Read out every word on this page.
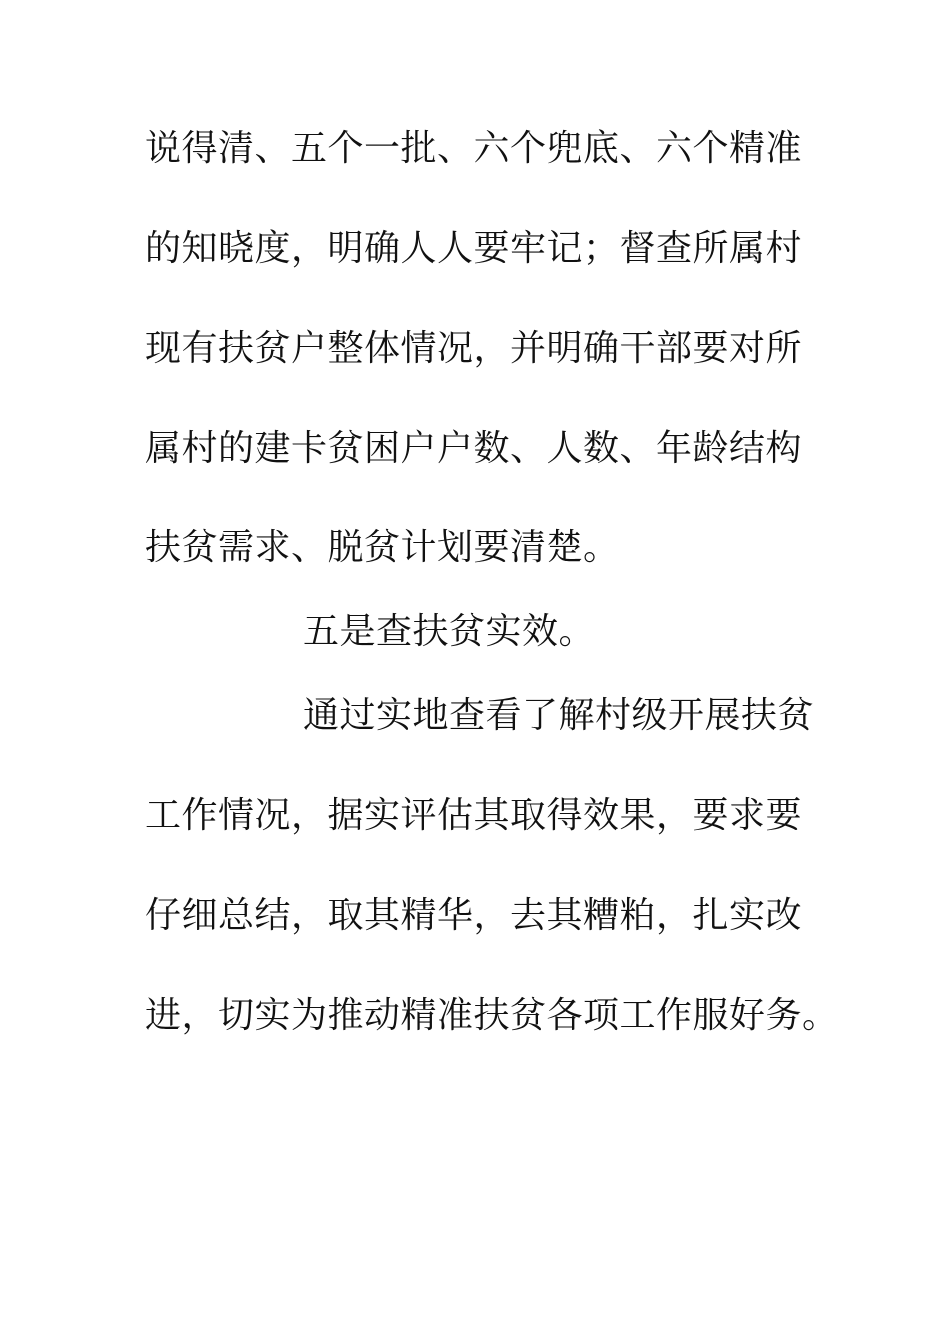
说得清、五个一批、六个兜底、六个精准
的知晓度，明确人人要牢记；督查所属村
现有扶贫户整体情况，并明确干部要对所
属村的建卡贫困户户数、人数、年龄结构
扶贫需求、脱贫计划要清楚。
五是查扶贫实效。
通过实地查看了解村级开展扶贫
工作情况，据实评估其取得效果，要求要
仔细总结，取其精华，去其糟粕，扎实改
进，切实为推动精准扶贫各项工作服好务。
